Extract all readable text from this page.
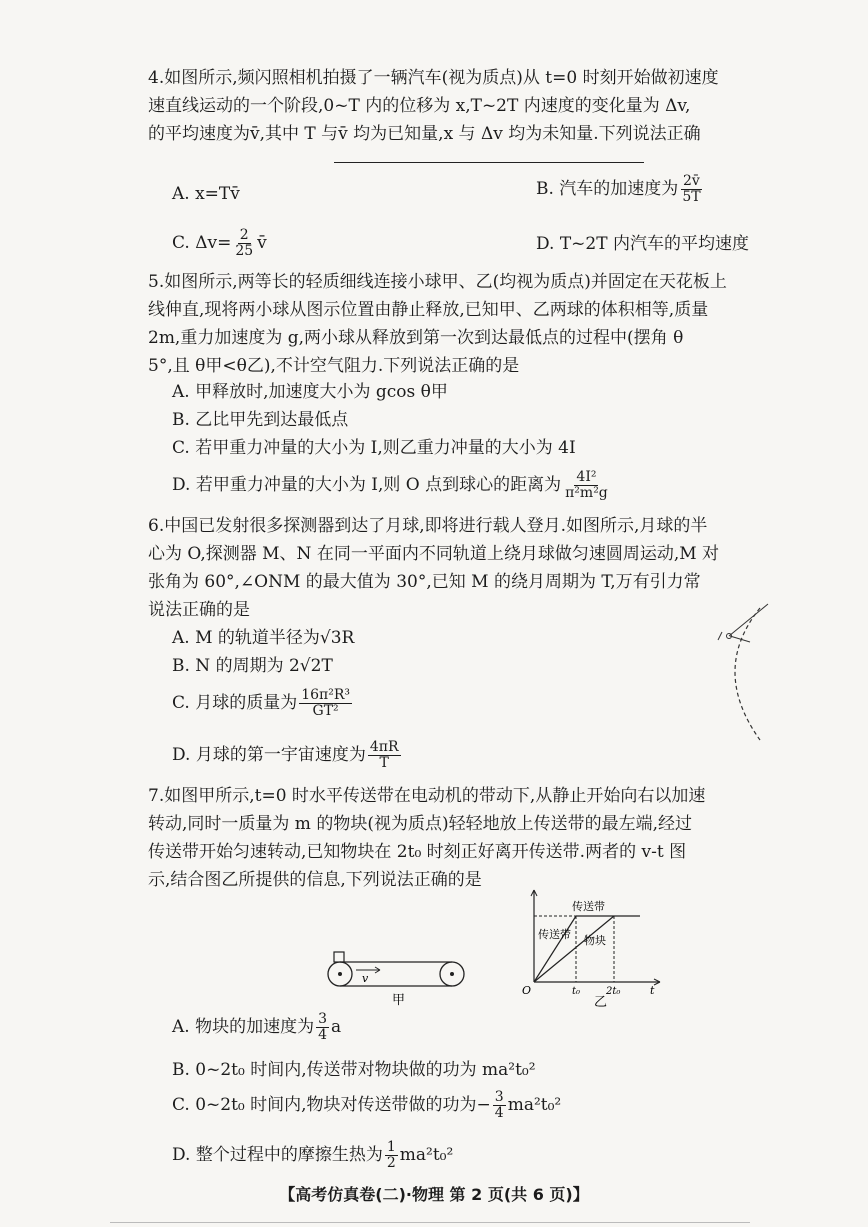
4.如图所示,频闪照相机拍摄了一辆汽车(视为质点)从 t=0 时刻开始做初速度
速直线运动的一个阶段,0~T 内的位移为 x,T~2T 内速度的变化量为 Δv,
的平均速度为v̄,其中 T 与v̄ 均为已知量,x 与 Δv 均为未知量.下列说法正确
A. x=Tv̄	B. 汽车的加速度为 $\frac{2v̄}{5T}$
C. $\Delta v= \frac{2}{25}$ v̄	D. T~2T 内汽车的平均速度
5.如图所示,两等长的轻质细线连接小球甲、乙(均视为质点)并固定在天花板上
线伸直,现将两小球从图示位置由静止释放,已知甲、乙两球的体积相等,质量
2m,重力加速度为 g,两小球从释放到第一次到达最低点的过程中(摆角 θ
5°,且 θ甲<θ乙),不计空气阻力.下列说法正确的是
A. 甲释放时,加速度大小为 gcos θ甲
B. 乙比甲先到达最低点
C. 若甲重力冲量的大小为 I,则乙重力冲量的大小为 4I
D. 若甲重力冲量的大小为 I,则 O 点到球心的距离为 $\frac{\text{4I²}}{\text{π²m²g}}$
6.中国已发射很多探测器到达了月球,即将进行载人登月.如图所示,月球的半
心为 O,探测器 M、N 在同一平面内不同轨道上绕月球做匀速圆周运动,M 对
张角为 60°,∠ONM 的最大值为 30°,已知 M 的绕月周期为 T,万有引力常
说法正确的是
A. M 的轨道半径为√3R
B. N 的周期为 2√2T
C. 月球的质量为 $\frac{\text{16π²R³}}{\text{GT²}}$
D. 月球的第一宇宙速度为 $\frac{4\pi R}{T}$
7.如图甲所示,t=0 时水平传送带在电动机的带动下,从静止开始向右以加速
转动,同时一质量为 m 的物块(视为质点)轻轻地放上传送带的最左端,经过
传送带开始匀速转动,已知物块在 2t₀ 时刻正好离开传送带.两者的 v-t 图
示,结合图乙所提供的信息,下列说法正确的是
v
甲
传送带
传送带 物块
O	t₀	2t₀	t
乙
A. 物块的加速度为 $\frac{3}{4}$ a
B. 0~2t₀ 时间内,传送带对物块做的功为 ma²t₀²
C. 0~2t₀ 时间内,物块对传送带做的功为− $\frac{3}{4} ma^2t_0^2$
D. 整个过程中的摩擦生热为 $\frac{1}{2} ma^2t_0^2$
【高考仿真卷(二)·物理 第 2 页(共 6 页)】
